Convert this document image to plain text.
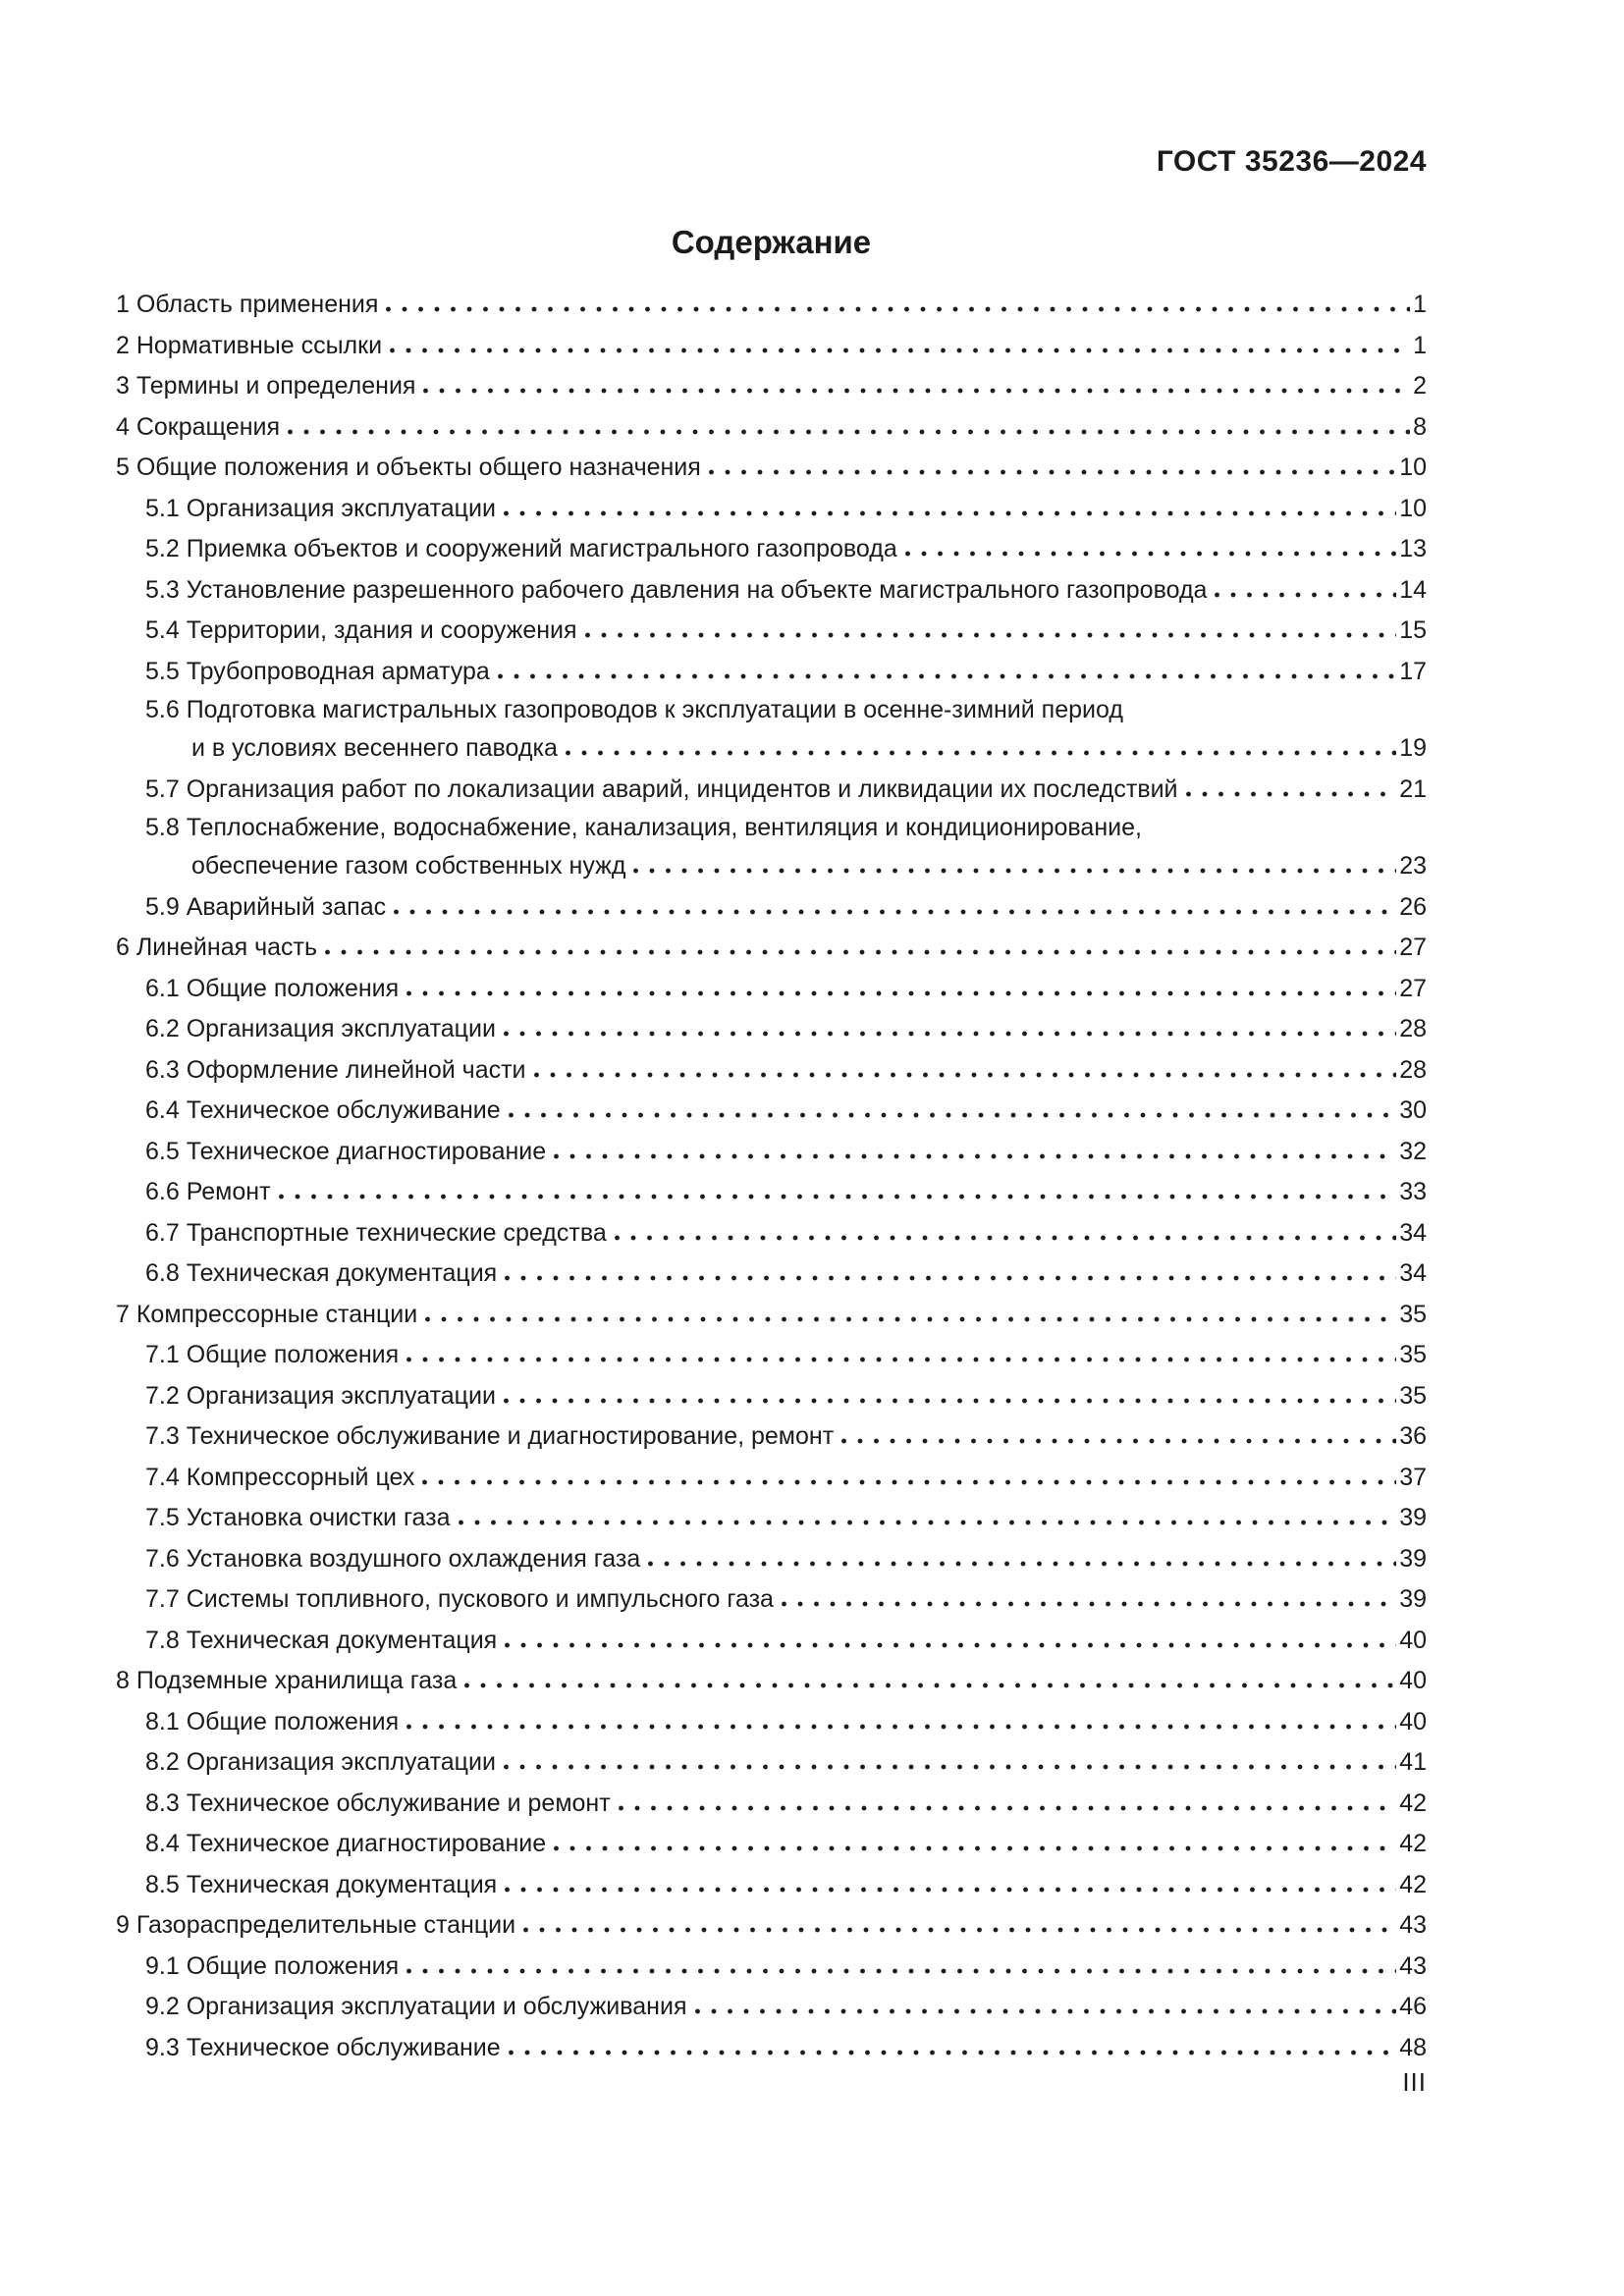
ГОСТ 35236—2024
Содержание
1 Область применения	1
2 Нормативные ссылки	1
3 Термины и определения	2
4 Сокращения	8
5 Общие положения и объекты общего назначения	10
5.1 Организация эксплуатации	10
5.2 Приемка объектов и сооружений магистрального газопровода	13
5.3 Установление разрешенного рабочего давления на объекте магистрального газопровода	14
5.4 Территории, здания и сооружения	15
5.5 Трубопроводная арматура	17
5.6 Подготовка магистральных газопроводов к эксплуатации в осенне-зимний период
и в условиях весеннего паводка	19
5.7 Организация работ по локализации аварий, инцидентов и ликвидации их последствий	21
5.8 Теплоснабжение, водоснабжение, канализация, вентиляция и кондиционирование,
обеспечение газом собственных нужд	23
5.9 Аварийный запас	26
6 Линейная часть	27
6.1 Общие положения	27
6.2 Организация эксплуатации	28
6.3 Оформление линейной части	28
6.4 Техническое обслуживание	30
6.5 Техническое диагностирование	32
6.6 Ремонт	33
6.7 Транспортные технические средства	34
6.8 Техническая документация	34
7 Компрессорные станции	35
7.1 Общие положения	35
7.2 Организация эксплуатации	35
7.3 Техническое обслуживание и диагностирование, ремонт	36
7.4 Компрессорный цех	37
7.5 Установка очистки газа	39
7.6 Установка воздушного охлаждения газа	39
7.7 Системы топливного, пускового и импульсного газа	39
7.8 Техническая документация	40
8 Подземные хранилища газа	40
8.1 Общие положения	40
8.2 Организация эксплуатации	41
8.3 Техническое обслуживание и ремонт	42
8.4 Техническое диагностирование	42
8.5 Техническая документация	42
9 Газораспределительные станции	43
9.1 Общие положения	43
9.2 Организация эксплуатации и обслуживания	46
9.3 Техническое обслуживание	48
III
